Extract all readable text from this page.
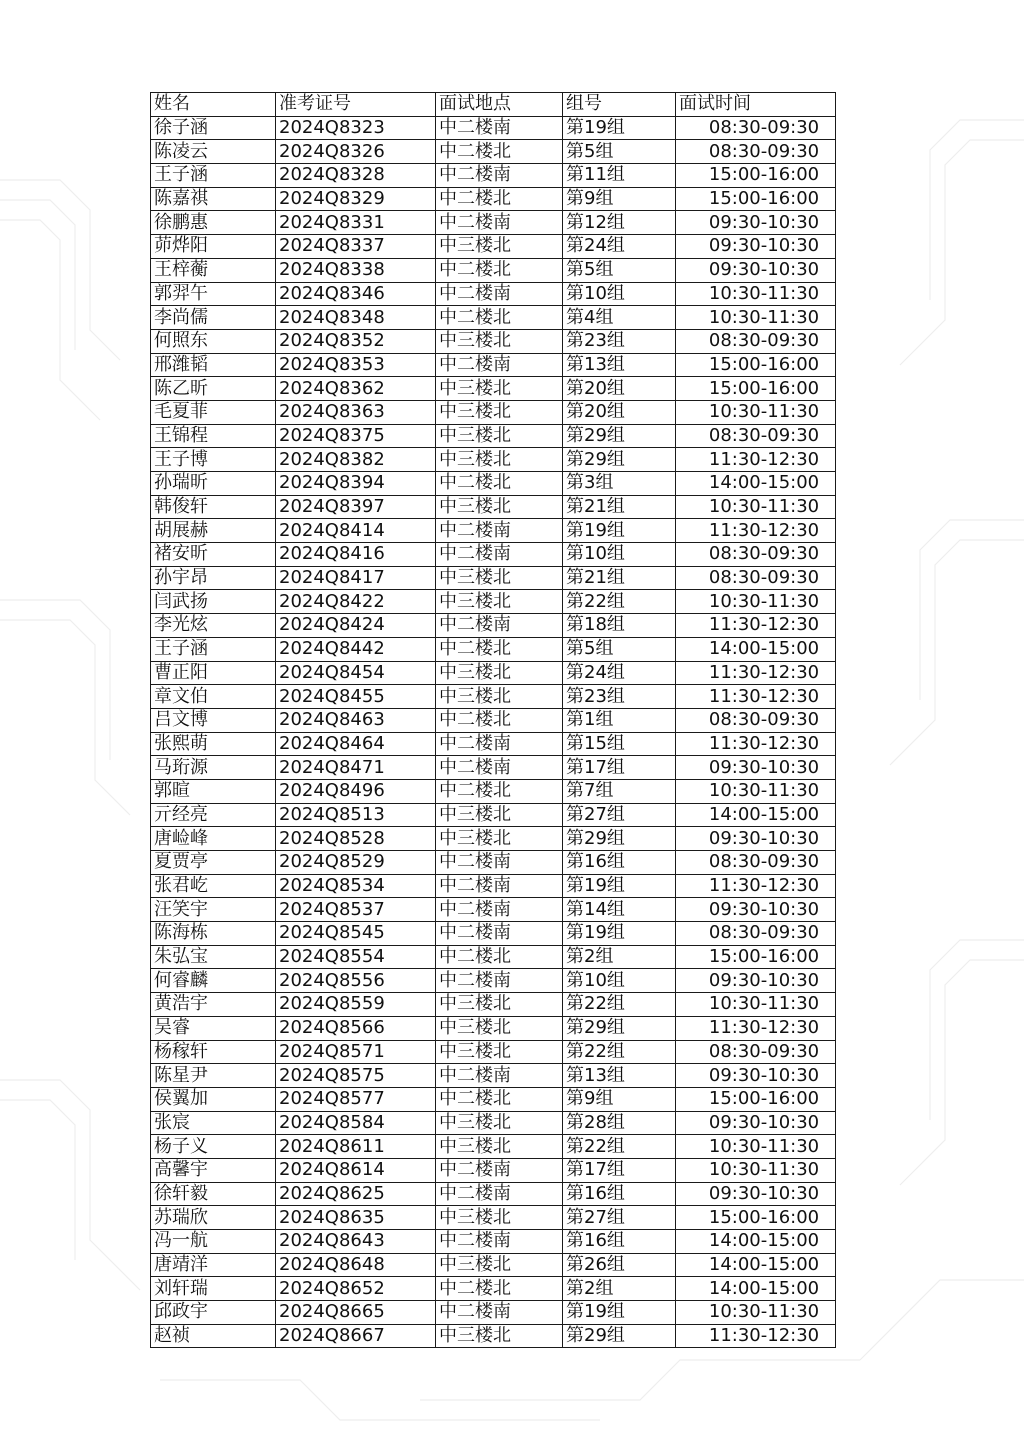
姓名	准考证号	面试地点	组号	面试时间
徐子涵	2024Q8323	中二楼南	第19组	08:30-09:30
陈凌云	2024Q8326	中二楼北	第5组	08:30-09:30
王子涵	2024Q8328	中二楼南	第11组	15:00-16:00
陈嘉祺	2024Q8329	中二楼北	第9组	15:00-16:00
徐鹏惠	2024Q8331	中二楼南	第12组	09:30-10:30
茆烨阳	2024Q8337	中三楼北	第24组	09:30-10:30
王梓蘅	2024Q8338	中二楼北	第5组	09:30-10:30
郭羿午	2024Q8346	中二楼南	第10组	10:30-11:30
李尚儒	2024Q8348	中二楼北	第4组	10:30-11:30
何照东	2024Q8352	中三楼北	第23组	08:30-09:30
邢潍韬	2024Q8353	中二楼南	第13组	15:00-16:00
陈乙昕	2024Q8362	中三楼北	第20组	15:00-16:00
毛夏菲	2024Q8363	中三楼北	第20组	10:30-11:30
王锦程	2024Q8375	中三楼北	第29组	08:30-09:30
王子博	2024Q8382	中三楼北	第29组	11:30-12:30
孙瑞昕	2024Q8394	中二楼北	第3组	14:00-15:00
韩俊轩	2024Q8397	中三楼北	第21组	10:30-11:30
胡展赫	2024Q8414	中二楼南	第19组	11:30-12:30
褚安昕	2024Q8416	中二楼南	第10组	08:30-09:30
孙宇昂	2024Q8417	中三楼北	第21组	08:30-09:30
闫武扬	2024Q8422	中三楼北	第22组	10:30-11:30
李光炫	2024Q8424	中二楼南	第18组	11:30-12:30
王子涵	2024Q8442	中二楼北	第5组	14:00-15:00
曹正阳	2024Q8454	中三楼北	第24组	11:30-12:30
章文伯	2024Q8455	中三楼北	第23组	11:30-12:30
吕文博	2024Q8463	中二楼北	第1组	08:30-09:30
张熙萌	2024Q8464	中二楼南	第15组	11:30-12:30
马珩源	2024Q8471	中二楼南	第17组	09:30-10:30
郭暄	2024Q8496	中二楼北	第7组	10:30-11:30
亓经亮	2024Q8513	中三楼北	第27组	14:00-15:00
唐崄峰	2024Q8528	中三楼北	第29组	09:30-10:30
夏贾亭	2024Q8529	中二楼南	第16组	08:30-09:30
张君屹	2024Q8534	中二楼南	第19组	11:30-12:30
汪笑宇	2024Q8537	中二楼南	第14组	09:30-10:30
陈海栋	2024Q8545	中二楼南	第19组	08:30-09:30
朱弘宝	2024Q8554	中二楼北	第2组	15:00-16:00
何睿麟	2024Q8556	中二楼南	第10组	09:30-10:30
黄浩宇	2024Q8559	中三楼北	第22组	10:30-11:30
吴睿	2024Q8566	中三楼北	第29组	11:30-12:30
杨稼轩	2024Q8571	中三楼北	第22组	08:30-09:30
陈星尹	2024Q8575	中二楼南	第13组	09:30-10:30
侯翼加	2024Q8577	中二楼北	第9组	15:00-16:00
张宸	2024Q8584	中三楼北	第28组	09:30-10:30
杨子义	2024Q8611	中三楼北	第22组	10:30-11:30
高馨宇	2024Q8614	中二楼南	第17组	10:30-11:30
徐轩毅	2024Q8625	中二楼南	第16组	09:30-10:30
苏瑞欣	2024Q8635	中三楼北	第27组	15:00-16:00
冯一航	2024Q8643	中二楼南	第16组	14:00-15:00
唐靖洋	2024Q8648	中三楼北	第26组	14:00-15:00
刘轩瑞	2024Q8652	中二楼北	第2组	14:00-15:00
邱政宇	2024Q8665	中二楼南	第19组	10:30-11:30
赵祯	2024Q8667	中三楼北	第29组	11:30-12:30
